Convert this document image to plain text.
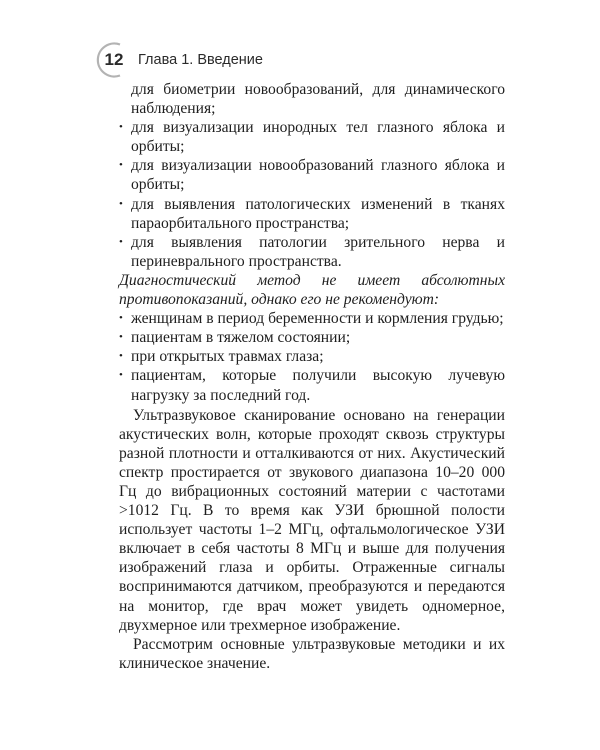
12	Глава 1. Введение

для биометрии новообразований, для динамического наблюдения;

• для визуализации инородных тел глазного яблока и орбиты;
• для визуализации новообразований глазного яблока и орбиты;
• для выявления патологических изменений в тканях параорбитального пространства;
• для выявления патологии зрительного нерва и периневрального пространства.

Диагностический метод не имеет абсолютных противопоказаний, однако его не рекомендуют:

• женщинам в период беременности и кормления грудью;
• пациентам в тяжелом состоянии;
• при открытых травмах глаза;
• пациентам, которые получили высокую лучевую нагрузку за последний год.

Ультразвуковое сканирование основано на генерации акустических волн, которые проходят сквозь структуры разной плотности и отталкиваются от них. Акустический спектр простирается от звукового диапазона 10–20 000 Гц до вибрационных состояний материи с частотами >1012 Гц. В то время как УЗИ брюшной полости использует частоты 1–2 МГц, офтальмологическое УЗИ включает в себя частоты 8 МГц и выше для получения изображений глаза и орбиты. Отраженные сигналы воспринимаются датчиком, преобразуются и передаются на монитор, где врач может увидеть одномерное, двухмерное или трехмерное изображение.

Рассмотрим основные ультразвуковые методики и их клиническое значение.
